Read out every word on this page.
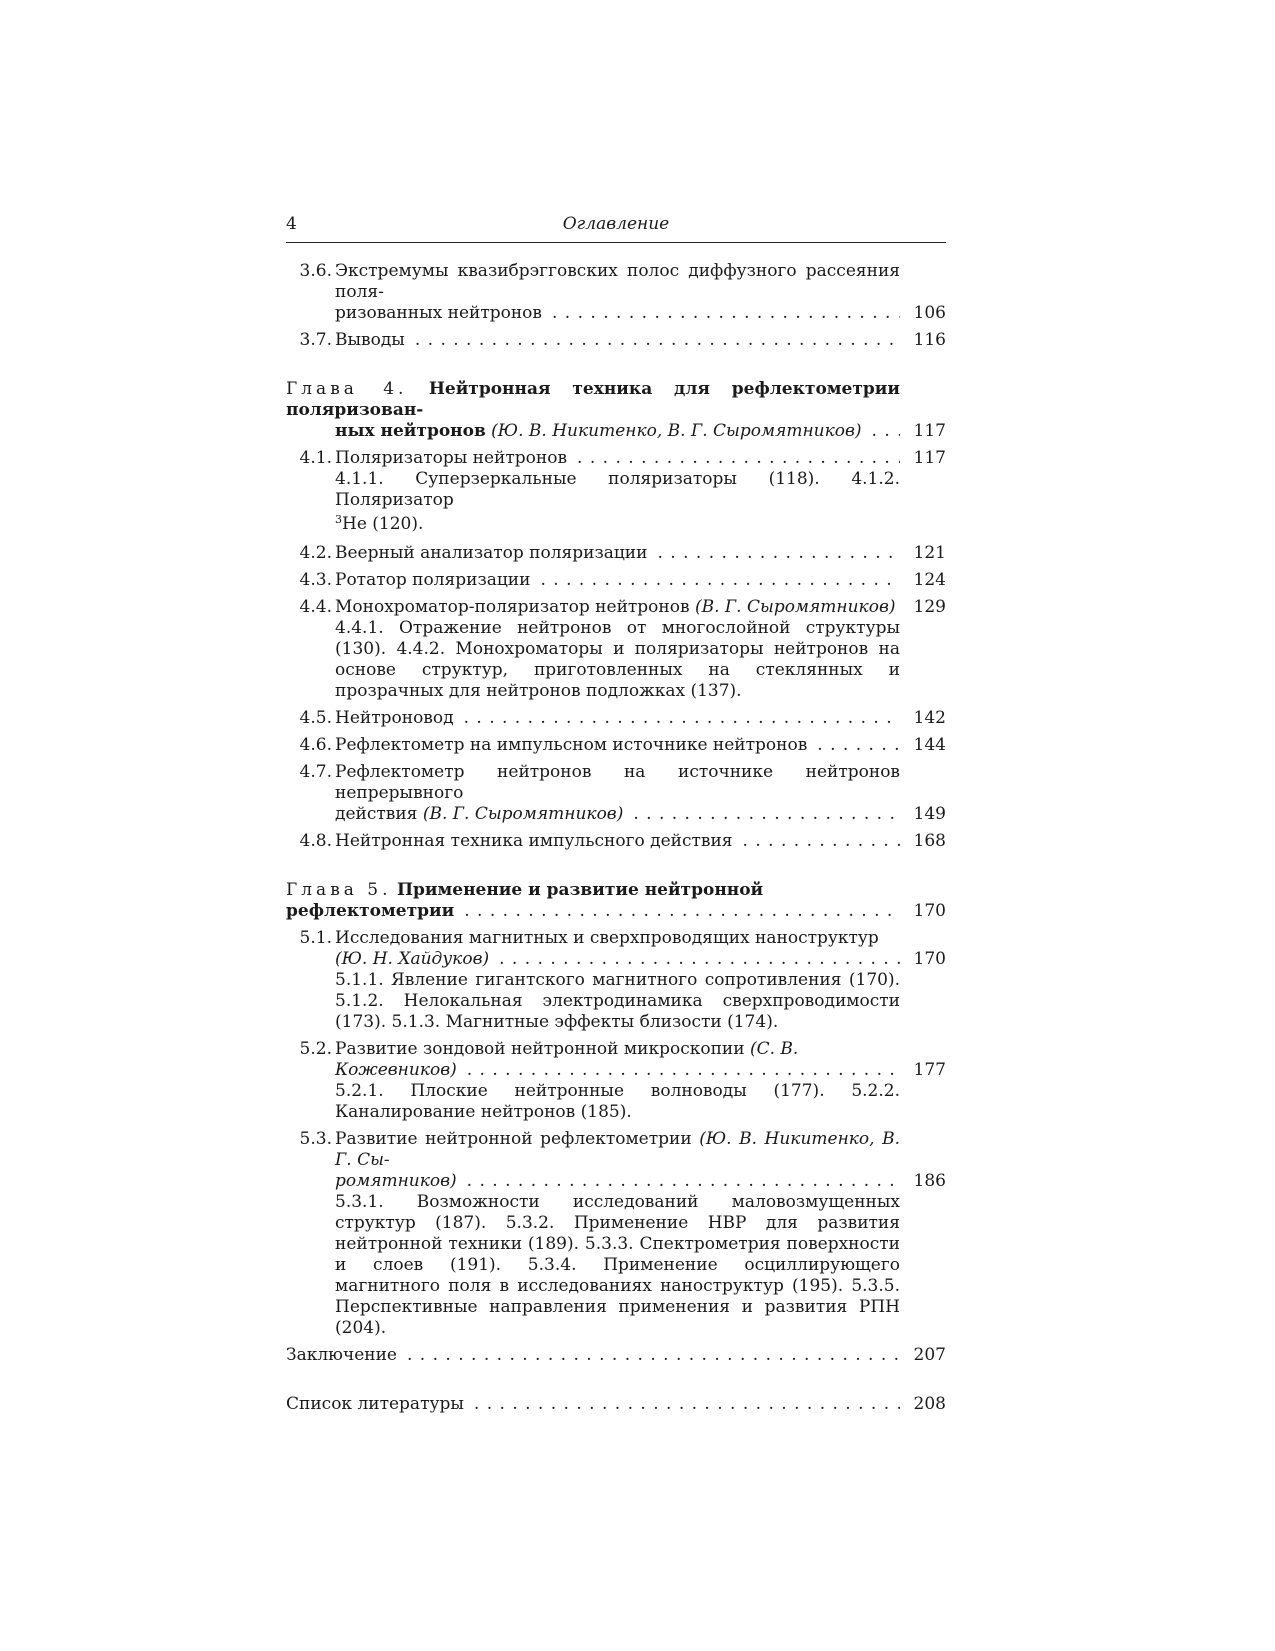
4	Оглавление
3.6. Экстремумы квазибрэгговских полос диффузного рассеяния поля-
ризованных нейтронов . . .	106
3.7. Выводы . . .	116
Глава 4. Нейтронная техника для рефлектометрии поляризован-
ных нейтронов (Ю. В. Никитенко, В. Г. Сыромятников) . . .	117
4.1. Поляризаторы нейтронов . . .	117
4.1.1. Суперзеркальные поляризаторы (118). 4.1.2. Поляризатор
$^3$He (120).
4.2. Веерный анализатор поляризации . . .	121
4.3. Ротатор поляризации . . .	124
4.4. Монохроматор-поляризатор нейтронов (В. Г. Сыромятников) . . .	129
4.4.1. Отражение нейтронов от многослойной структуры (130). 4.4.2. Монохроматоры и поляризаторы нейтронов на основе структур, приготовленных на стеклянных и прозрачных для нейтронов подложках (137).
4.5. Нейтроновод . . .	142
4.6. Рефлектометр на импульсном источнике нейтронов . . .	144
4.7. Рефлектометр нейтронов на источнике нейтронов непрерывного
действия (В. Г. Сыромятников) . . .	149
4.8. Нейтронная техника импульсного действия . . .	168
Глава 5. Применение и развитие нейтронной рефлектометрии . . .	170
5.1. Исследования магнитных и сверхпроводящих наноструктур
(Ю. Н. Хайдуков) . . .	170
5.1.1. Явление гигантского магнитного сопротивления (170). 5.1.2. Нелокальная электродинамика сверхпроводимости (173). 5.1.3. Магнитные эффекты близости (174).
5.2. Развитие зондовой нейтронной микроскопии (С. В. Кожевников) . . .	177
5.2.1. Плоские нейтронные волноводы (177). 5.2.2. Каналирование нейтронов (185).
5.3. Развитие нейтронной рефлектометрии (Ю. В. Никитенко, В. Г. Сы-
ромятников) . . .	186
5.3.1. Возможности исследований маловозмущенных структур (187). 5.3.2. Применение НВР для развития нейтронной техники (189). 5.3.3. Спектрометрия поверхности и слоев (191). 5.3.4. Применение осциллирующего магнитного поля в исследованиях наноструктур (195). 5.3.5. Перспективные направления применения и развития РПН (204).
Заключение . . .	207
Список литературы . . .	208
